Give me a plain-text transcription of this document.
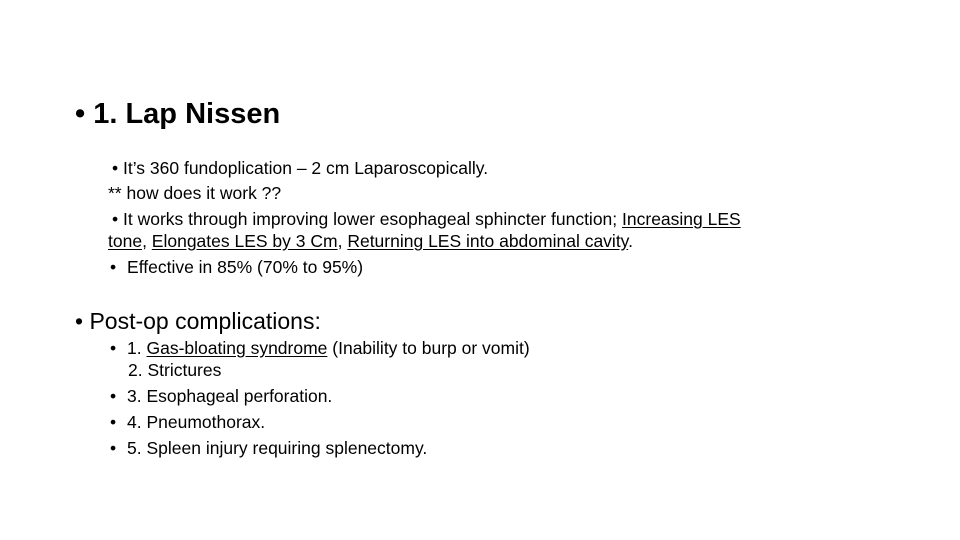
• 1. Lap Nissen
• It’s 360 fundoplication – 2 cm Laparoscopically.
** how does it work ??
• It works through improving lower esophageal sphincter function; Increasing LES
tone, Elongates LES by 3 Cm, Returning LES into abdominal cavity.
• Effective in 85% (70% to 95%)
• Post-op complications:
• 1. Gas-bloating syndrome (Inability to burp or vomit)
2. Strictures
• 3. Esophageal perforation.
• 4. Pneumothorax.
• 5. Spleen injury requiring splenectomy.
